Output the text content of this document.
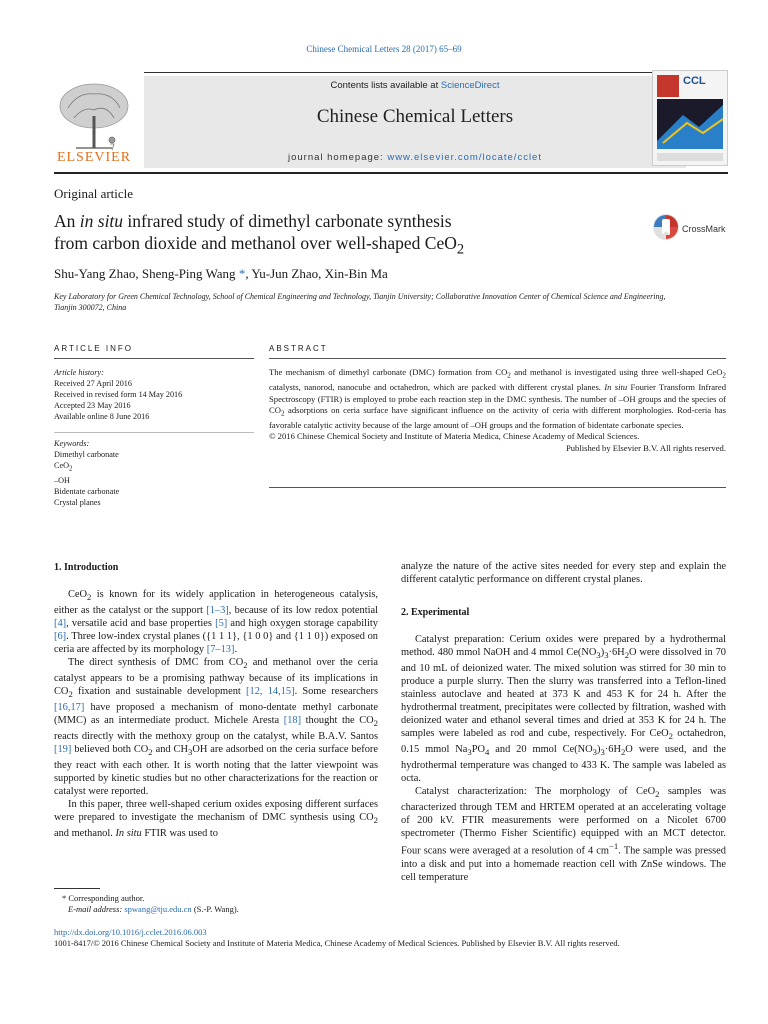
Chinese Chemical Letters 28 (2017) 65–69
ELSEVIER
Contents lists available at ScienceDirect
Chinese Chemical Letters
journal homepage: www.elsevier.com/locate/cclet
CCL
Original article
An in situ infrared study of dimethyl carbonate synthesis
from carbon dioxide and methanol over well-shaped CeO$_2$
CrossMark
Shu-Yang Zhao, Sheng-Ping Wang *, Yu-Jun Zhao, Xin-Bin Ma
Key Laboratory for Green Chemical Technology, School of Chemical Engineering and Technology, Tianjin University; Collaborative Innovation Center of Chemical Science and Engineering, Tianjin 300072, China
ARTICLE INFO
Article history:
Received 27 April 2016
Received in revised form 14 May 2016
Accepted 23 May 2016
Available online 8 June 2016
Keywords:
Dimethyl carbonate
CeO$_2$
–OH
Bidentate carbonate
Crystal planes
ABSTRACT
The mechanism of dimethyl carbonate (DMC) formation from $CO_2$ and methanol is investigated using three well-shaped CeO$_2$ catalysts, nanorod, nanocube and octahedron, which are packed with different crystal planes. In situ Fourier Transform Infrared Spectroscopy (FTIR) is employed to probe each reaction step in the DMC synthesis. The number of –OH groups and the species of $CO_2$ adsorptions on ceria surface have significant influence on the activity of ceria with different morphologies. Rod-ceria has favorable catalytic activity because of the large amount of –OH groups and the formation of bidentate carbonate species.
© 2016 Chinese Chemical Society and Institute of Materia Medica, Chinese Academy of Medical Sciences.
Published by Elsevier B.V. All rights reserved.
1. Introduction

CeO$_2$ is known for its widely application in heterogeneous catalysis, either as the catalyst or the support [1–3], because of its low redox potential [4], versatile acid and base properties [5] and high oxygen storage capability [6]. Three low-index crystal planes ({1 1 1}, {1 0 0} and {1 1 0}) exposed on ceria are affected by its morphology [7–13].

The direct synthesis of DMC from $CO_2$ and methanol over the ceria catalyst appears to be a promising pathway because of its implications in $CO_2$ fixation and sustainable development [12, 14,15]. Some researchers [16,17] have proposed a mechanism of mono-dentate methyl carbonate (MMC) as an intermediate product. Michele Aresta [18] thought the $CO_2$ reacts directly with the methoxy group on the catalyst, while B.A.V. Santos [19] believed both $CO_2$ and $CH_3OH$ are adsorbed on the ceria surface before they react with each other. It is worth noting that the latter viewpoint was supported by kinetic studies but no other characterizations for the reaction or catalyst were reported.

In this paper, three well-shaped cerium oxides exposing different surfaces were prepared to investigate the mechanism of DMC synthesis using $CO_2$ and methanol. In situ FTIR was used to

analyze the nature of the active sites needed for every step and explain the different catalytic performance on different crystal planes.

2. Experimental

Catalyst preparation: Cerium oxides were prepared by a hydrothermal method. 480 mmol NaOH and 4 mmol $Ce(NO_3)_3\cdot 6H_2O$ were dissolved in 70 and 10 mL of deionized water. The mixed solution was stirred for 30 min to produce a purple slurry. Then the slurry was transferred into a Teflon-lined stainless autoclave and heated at 373 K and 453 K for 24 h. After the hydrothermal treatment, precipitates were collected by filtration, washed with deionized water and ethanol several times and dried at 353 K for 24 h. The samples were labeled as rod and cube, respectively. For CeO$_2$ octahedron, 0.15 mmol $Na_3PO_4$ and 20 mmol $Ce(NO_3)_3\cdot 6H_2O$ were used, and the hydrothermal temperature was changed to 433 K. The sample was labeled as octa.

Catalyst characterization: The morphology of CeO$_2$ samples was characterized through TEM and HRTEM operated at an accelerating voltage of 200 kV. FTIR measurements were performed on a Nicolet 6700 spectrometer (Thermo Fisher Scientific) equipped with an MCT detector. Four scans were averaged at a resolution of 4 $cm^{-1}$. The sample was pressed into a disk and put into a homemade reaction cell with ZnSe windows. The cell temperature

* Corresponding author.
E-mail address: spwang@tju.edu.cn (S.-P. Wang).
http://dx.doi.org/10.1016/j.cclet.2016.06.003
1001-8417/© 2016 Chinese Chemical Society and Institute of Materia Medica, Chinese Academy of Medical Sciences. Published by Elsevier B.V. All rights reserved.
